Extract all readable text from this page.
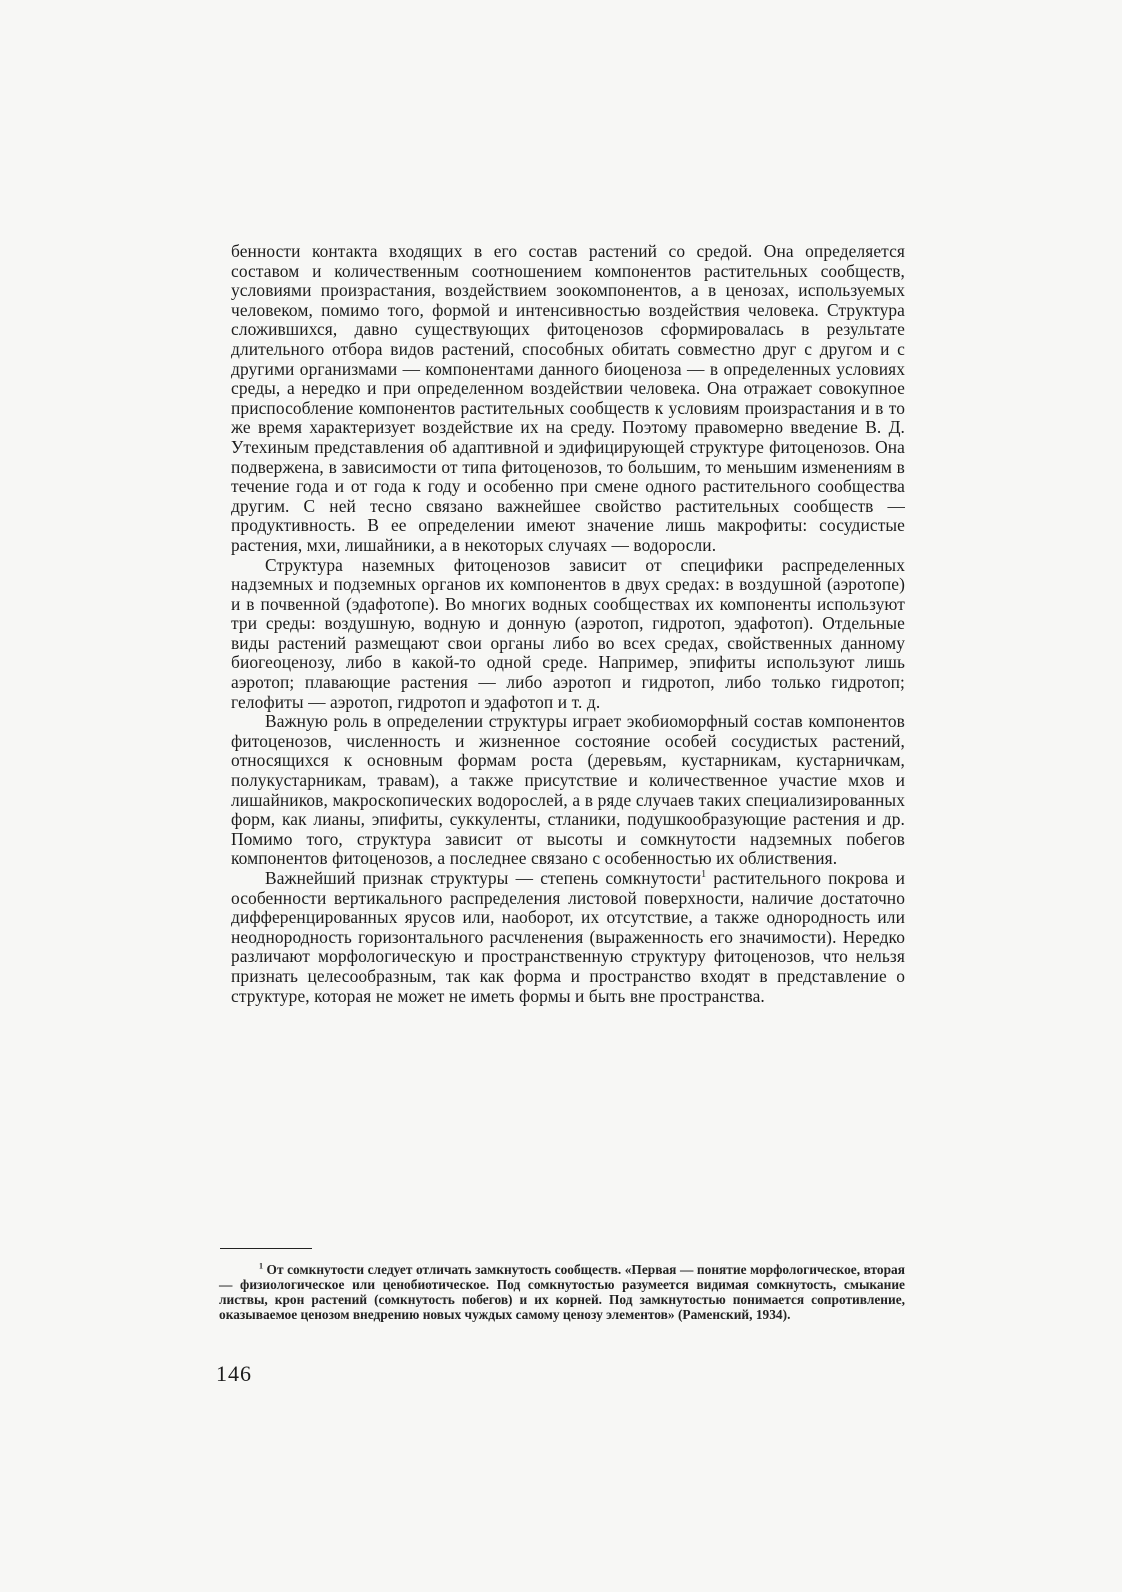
бенности контакта входящих в его состав растений со средой. Она определяется составом и количественным соотношением компонентов растительных сообществ, условиями произрастания, воздействием зоокомпонентов, а в ценозах, используемых человеком, помимо того, формой и интенсивностью воздействия человека. Структура сложившихся, давно существующих фитоценозов сформировалась в результате длительного отбора видов растений, способных обитать совместно друг с другом и с другими организмами — компонентами данного биоценоза — в определенных условиях среды, а нередко и при определенном воздействии человека. Она отражает совокупное приспособление компонентов растительных сообществ к условиям произрастания и в то же время характеризует воздействие их на среду. Поэтому правомерно введение В. Д. Утехиным представления об адаптивной и эдифицирующей структуре фитоценозов. Она подвержена, в зависимости от типа фитоценозов, то большим, то меньшим изменениям в течение года и от года к году и особенно при смене одного растительного сообщества другим. С ней тесно связано важнейшее свойство растительных сообществ — продуктивность. В ее определении имеют значение лишь макрофиты: сосудистые растения, мхи, лишайники, а в некоторых случаях — водоросли.

Структура наземных фитоценозов зависит от специфики распределенных надземных и подземных органов их компонентов в двух средах: в воздушной (аэротопе) и в почвенной (эдафотопе). Во многих водных сообществах их компоненты используют три среды: воздушную, водную и донную (аэротоп, гидротоп, эдафотоп). Отдельные виды растений размещают свои органы либо во всех средах, свойственных данному биогеоценозу, либо в какой-то одной среде. Например, эпифиты используют лишь аэротоп; плавающие растения — либо аэротоп и гидротоп, либо только гидротоп; гелофиты — аэротоп, гидротоп и эдафотоп и т. д.

Важную роль в определении структуры играет экобиоморфный состав компонентов фитоценозов, численность и жизненное состояние особей сосудистых растений, относящихся к основным формам роста (деревьям, кустарникам, кустарничкам, полукустарникам, травам), а также присутствие и количественное участие мхов и лишайников, макроскопических водорослей, а в ряде случаев таких специализированных форм, как лианы, эпифиты, суккуленты, стланики, подушкообразующие растения и др. Помимо того, структура зависит от высоты и сомкнутости надземных побегов компонентов фитоценозов, а последнее связано с особенностью их облиствения.

Важнейший признак структуры — степень сомкнутости$^1$ растительного покрова и особенности вертикального распределения листовой поверхности, наличие достаточно дифференцированных ярусов или, наоборот, их отсутствие, а также однородность или неоднородность горизонтального расчленения (выраженность его значимости). Нередко различают морфологическую и пространственную структуру фитоценозов, что нельзя признать целесообразным, так как форма и пространство входят в представление о структуре, которая не может не иметь формы и быть вне пространства.

$^1$ От сомкнутости следует отличать замкнутость сообществ. «Первая — понятие морфологическое, вторая — физиологическое или ценобиотическое. Под сомкнутостью разумеется видимая сомкнутость, смыкание листвы, крон растений (сомкнутость побегов) и их корней. Под замкнутостью понимается сопротивление, оказываемое ценозом внедрению новых чуждых самому ценозу элементов» (Раменский, 1934).

146
